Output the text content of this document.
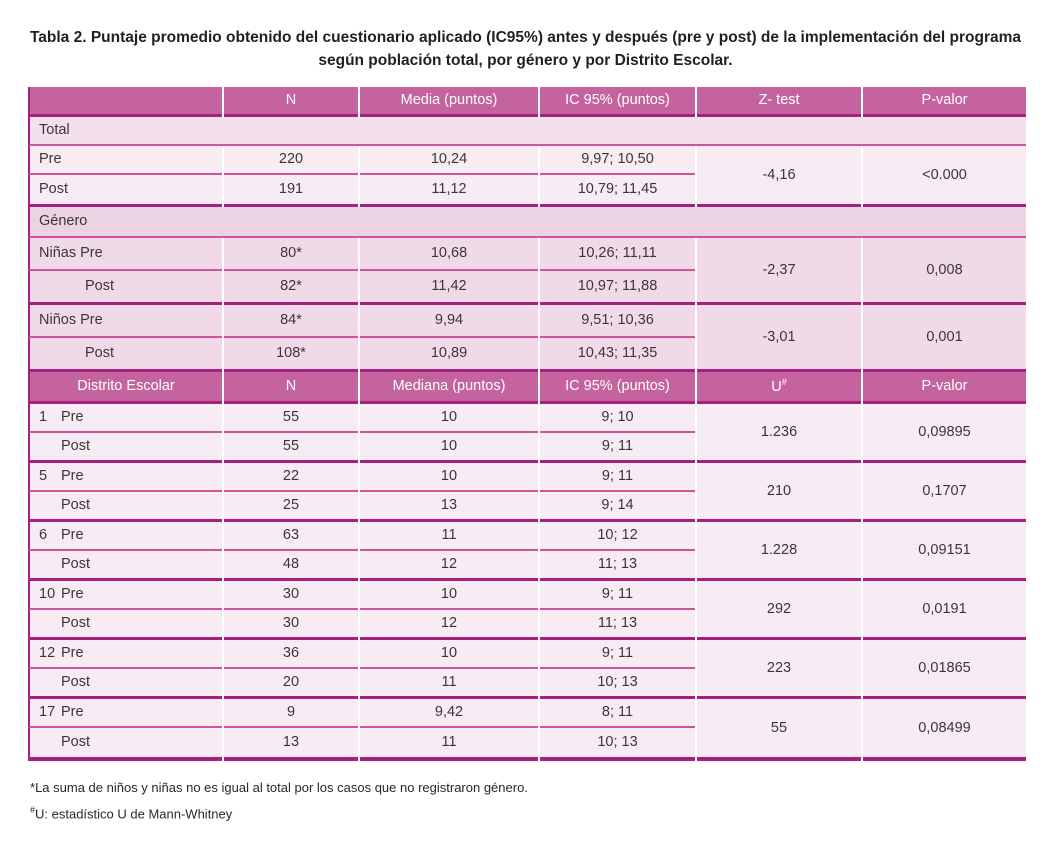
Tabla 2. Puntaje promedio obtenido del cuestionario aplicado (IC95%) antes y después (pre y post) de la implementación del programa según población total, por género y por Distrito Escolar.
	N	Media (puntos)	IC 95% (puntos)	Z- test	P-valor
Total					
Pre	220	10,24	9,97; 10,50	-4,16	<0.000
Post	191	11,12	10,79; 11,45		
Género					
Niñas Pre	80*	10,68	10,26; 11,11	-2,37	0,008
Post	82*	11,42	10,97; 11,88		
Niños Pre	84*	9,94	9,51; 10,36	-3,01	0,001
Post	108*	10,89	10,43; 11,35		
Distrito Escolar	N	Mediana (puntos)	IC 95% (puntos)	U#	P-valor
1 Pre	55	10	9; 10	1.236	0,09895
Post	55	10	9; 11		
5 Pre	22	10	9; 11	210	0,1707
Post	25	13	9; 14		
6 Pre	63	11	10; 12	1.228	0,09151
Post	48	12	11; 13		
10 Pre	30	10	9; 11	292	0,0191
Post	30	12	11; 13		
12 Pre	36	10	9; 11	223	0,01865
Post	20	11	10; 13		
17 Pre	9	9,42	8; 11	55	0,08499
Post	13	11	10; 13		
*La suma de niños y niñas no es igual al total por los casos que no registraron género.
#U: estadístico U de Mann-Whitney
